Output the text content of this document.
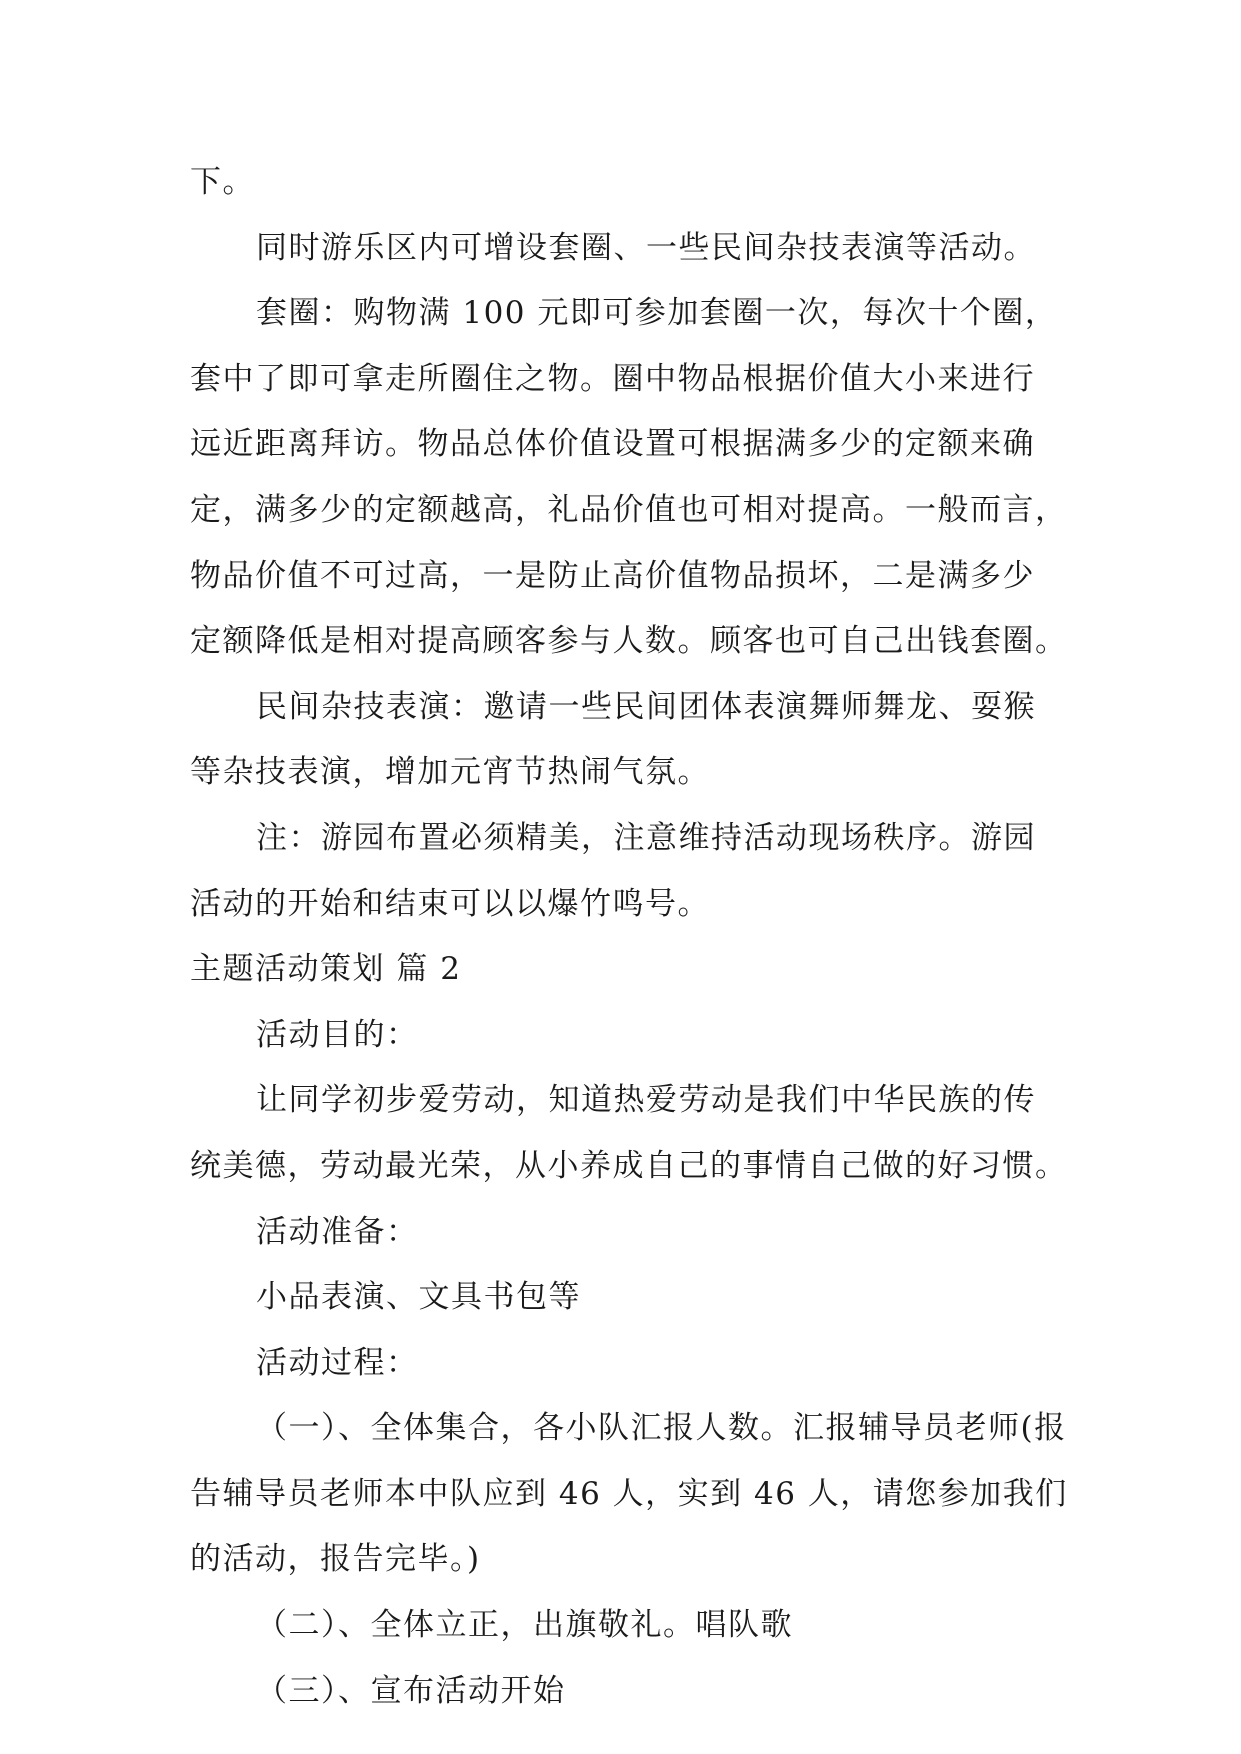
下。
同时游乐区内可增设套圈、一些民间杂技表演等活动。
套圈：购物满 100 元即可参加套圈一次，每次十个圈，
套中了即可拿走所圈住之物。圈中物品根据价值大小来进行
远近距离拜访。物品总体价值设置可根据满多少的定额来确
定，满多少的定额越高，礼品价值也可相对提高。一般而言，
物品价值不可过高，一是防止高价值物品损坏，二是满多少
定额降低是相对提高顾客参与人数。顾客也可自己出钱套圈。
民间杂技表演：邀请一些民间团体表演舞师舞龙、耍猴
等杂技表演，增加元宵节热闹气氛。
注：游园布置必须精美，注意维持活动现场秩序。游园
活动的开始和结束可以以爆竹鸣号。
主题活动策划 篇 2
活动目的：
让同学初步爱劳动，知道热爱劳动是我们中华民族的传
统美德，劳动最光荣，从小养成自己的事情自己做的好习惯。
活动准备：
小品表演、文具书包等
活动过程：
（一）、全体集合，各小队汇报人数。汇报辅导员老师(报
告辅导员老师本中队应到 46 人，实到 46 人，请您参加我们
的活动，报告完毕。)
（二）、全体立正，出旗敬礼。唱队歌
（三）、宣布活动开始
